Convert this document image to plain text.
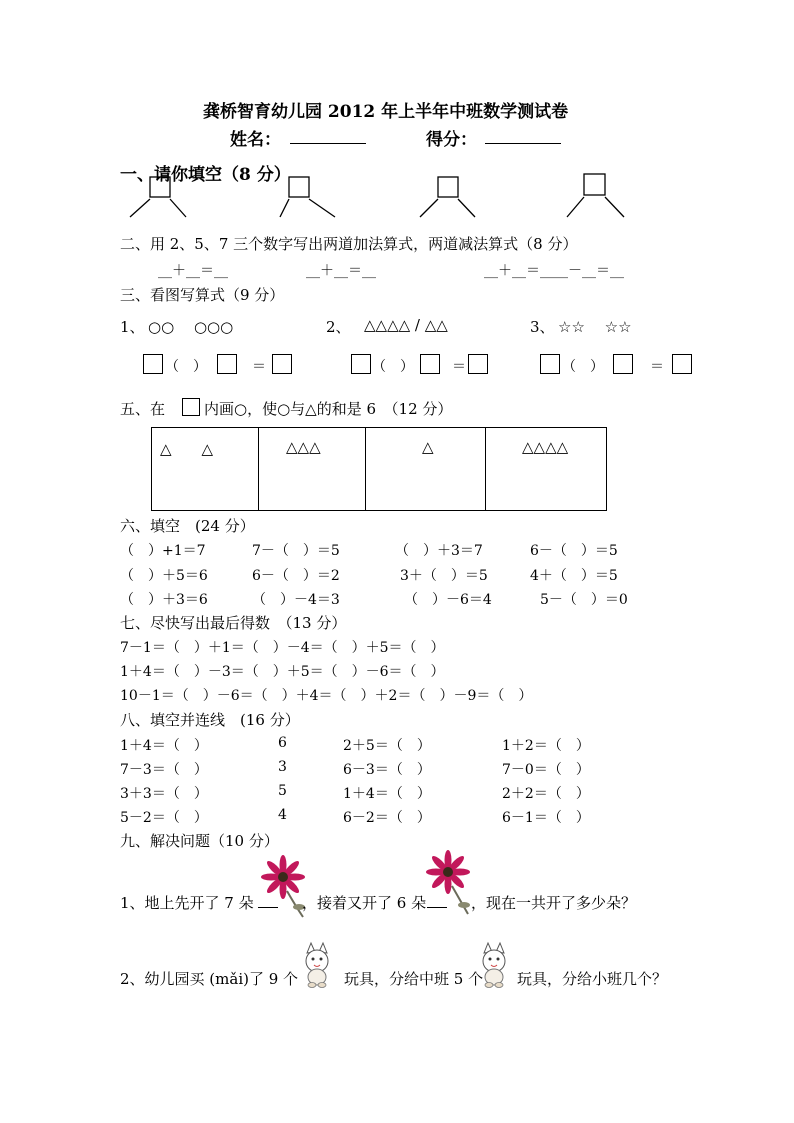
龚桥智育幼儿园 2012 年上半年中班数学测试卷
姓名：	得分：
一、请你填空（8 分）
二、用 2、5、7 三个数字写出两道加法算式，两道减法算式（8 分）
__＋__＝__	__＋__＝__	__＋__＝____－__＝__
三、看图写算式（9 分）
1、 ○○　 ○○○	2、 △△△△ / △△	3、 ☆☆　 ☆☆
（　）	＝	（　）	＝	（　）	＝
五、在	内画○，使○与△的和是 6　（12 分）
△　　△	△△△	△	△△△△
六、填空　(24 分）
（　）+1＝7	7－（　）＝5	（　）＋3＝7	6－（　）＝5
（　）＋5＝6	6－（　）＝2	3＋（　）＝5	4＋（　）＝5
（　）＋3＝6	（　）－4＝3	（　）－6＝4	5－（　）＝0
七、尽快写出最后得数　（13 分）
7－1＝（　）＋1＝（　）－4＝（　）＋5＝（　）
1＋4＝（　）－3＝（　）＋5＝（　）－6＝（　）
10－1＝（　）－6＝（　）＋4＝（　）＋2＝（　）－9＝（　）
八、填空并连线　(16 分）
1＋4＝（　）	6	2＋5＝（　）	1＋2＝（　）
7－3＝（　）	3	6－3＝（　）	7－0＝（　）
3＋3＝（　）	5	1＋4＝（　）	2＋2＝（　）
5－2＝（　）	4	6－2＝（　）	6－1＝（　）
九、解决问题（10 分）
1、地上先开了 7 朵	，接着又开了 6 朵	，现在一共开了多少朵？
2、幼儿园买 (mǎi)了 9 个	玩具，分给中班 5 个 玩具，分给小班几个？
